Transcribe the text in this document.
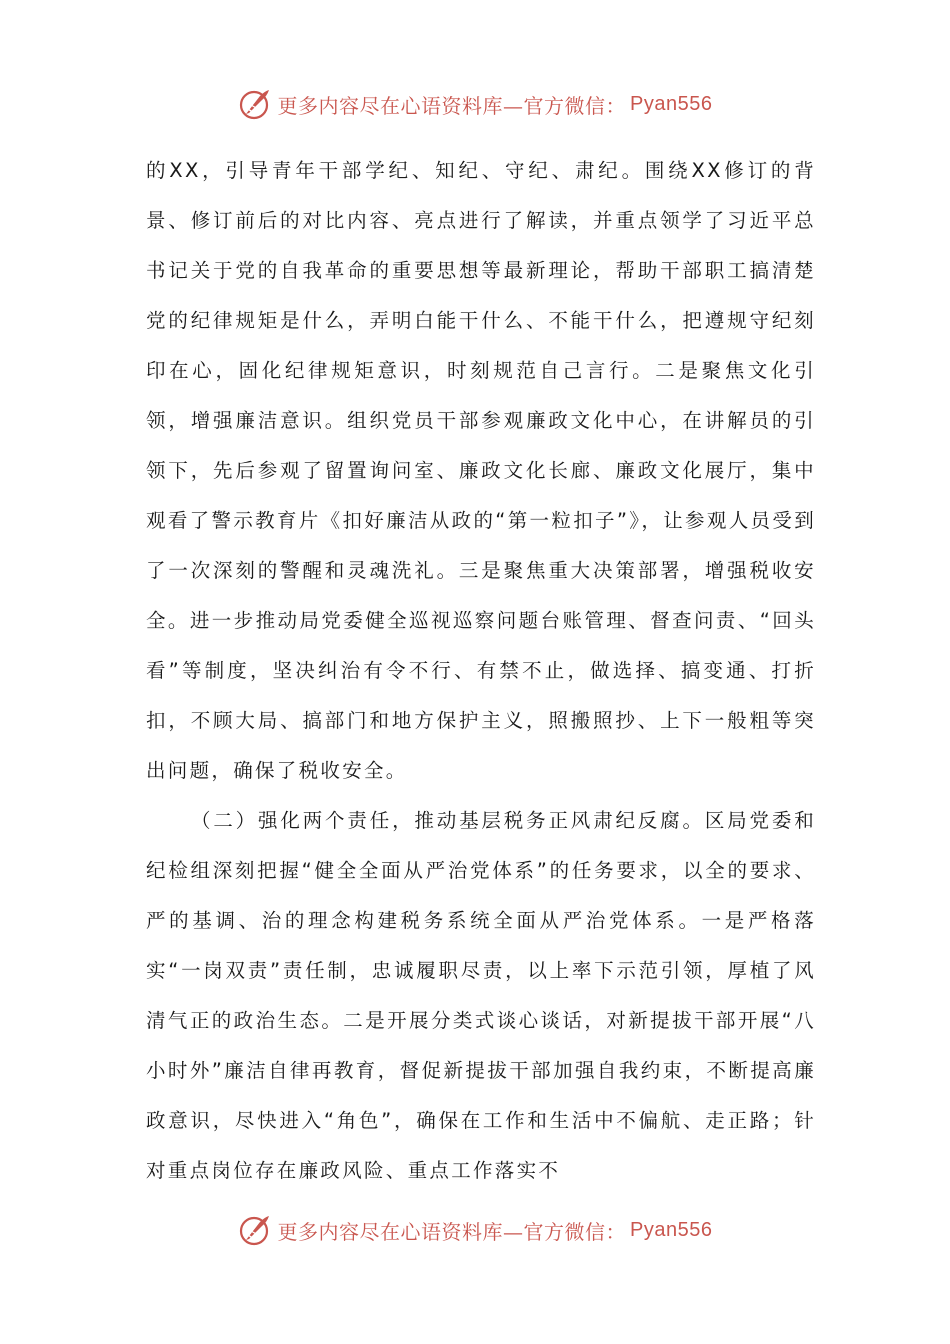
更多内容尽在心语资料库—官方微信： Pyan556

的XX，引导青年干部学纪、知纪、守纪、肃纪。围绕XX修订的背景、修订前后的对比内容、亮点进行了解读，并重点领学了习近平总书记关于党的自我革命的重要思想等最新理论，帮助干部职工搞清楚党的纪律规矩是什么，弄明白能干什么、不能干什么，把遵规守纪刻印在心，固化纪律规矩意识，时刻规范自己言行。二是聚焦文化引领，增强廉洁意识。组织党员干部参观廉政文化中心，在讲解员的引领下，先后参观了留置询问室、廉政文化长廊、廉政文化展厅，集中观看了警示教育片《扣好廉洁从政的“第一粒扣子”》，让参观人员受到了一次深刻的警醒和灵魂洗礼。三是聚焦重大决策部署，增强税收安全。进一步推动局党委健全巡视巡察问题台账管理、督查问责、“回头看”等制度，坚决纠治有令不行、有禁不止，做选择、搞变通、打折扣，不顾大局、搞部门和地方保护主义，照搬照抄、上下一般粗等突出问题，确保了税收安全。

（二）强化两个责任，推动基层税务正风肃纪反腐。区局党委和纪检组深刻把握“健全全面从严治党体系”的任务要求，以全的要求、严的基调、治的理念构建税务系统全面从严治党体系。一是严格落实“一岗双责”责任制，忠诚履职尽责，以上率下示范引领，厚植了风清气正的政治生态。二是开展分类式谈心谈话，对新提拔干部开展“八小时外”廉洁自律再教育，督促新提拔干部加强自我约束，不断提高廉政意识，尽快进入“角色”，确保在工作和生活中不偏航、走正路；针对重点岗位存在廉政风险、重点工作落实不

更多内容尽在心语资料库—官方微信： Pyan556
